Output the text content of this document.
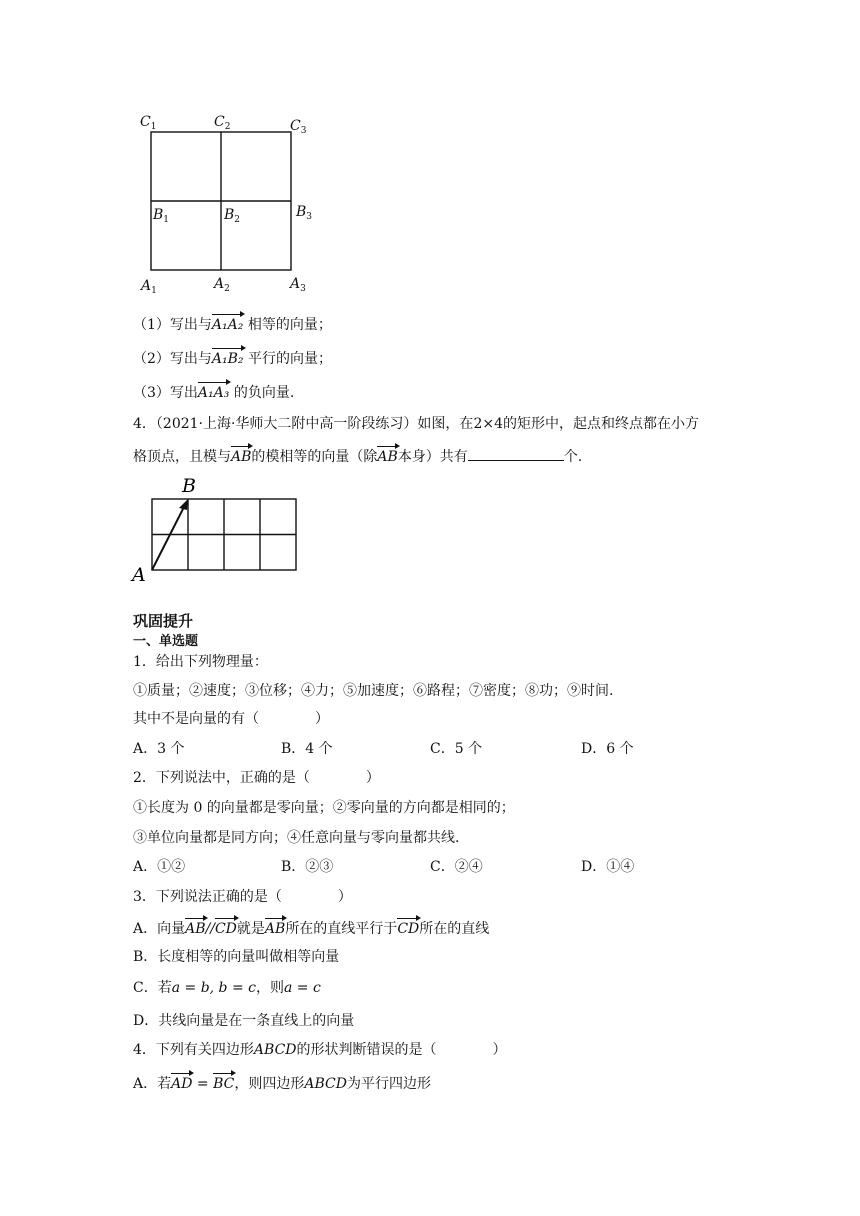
$C_1$	$C_2$	$C_3$
$B_1$	$B_2$	$B_3$
$A_1$	$A_2$	$A_3$
（1）写出与A₁A₂ 相等的向量；
（2）写出与A₁B₂ 平行的向量；
（3）写出A₁A₃ 的负向量.
4．（2021·上海·华师大二附中高一阶段练习）如图，在2×4的矩形中，起点和终点都在小方
格顶点，且模与AB的模相等的向量（除AB本身）共有	个.
A
B
巩固提升
一、单选题
1．给出下列物理量：
①质量；②速度；③位移；④力；⑤加速度；⑥路程；⑦密度；⑧功；⑨时间.
其中不是向量的有（　　　　）
A．3 个	B．4 个	C．5 个	D．6 个
2．下列说法中，正确的是（　　　　）
①长度为 0 的向量都是零向量；②零向量的方向都是相同的；
③单位向量都是同方向；④任意向量与零向量都共线.
A．①②	B．②③	C．②④	D．①④
3．下列说法正确的是（　　　　）
A．向量AB//CD就是AB所在的直线平行于CD所在的直线
B．长度相等的向量叫做相等向量
C．若a = b, b = c，则a = c
D．共线向量是在一条直线上的向量
4．下列有关四边形ABCD的形状判断错误的是（　　　　）
A．若AD = BC，则四边形ABCD为平行四边形
